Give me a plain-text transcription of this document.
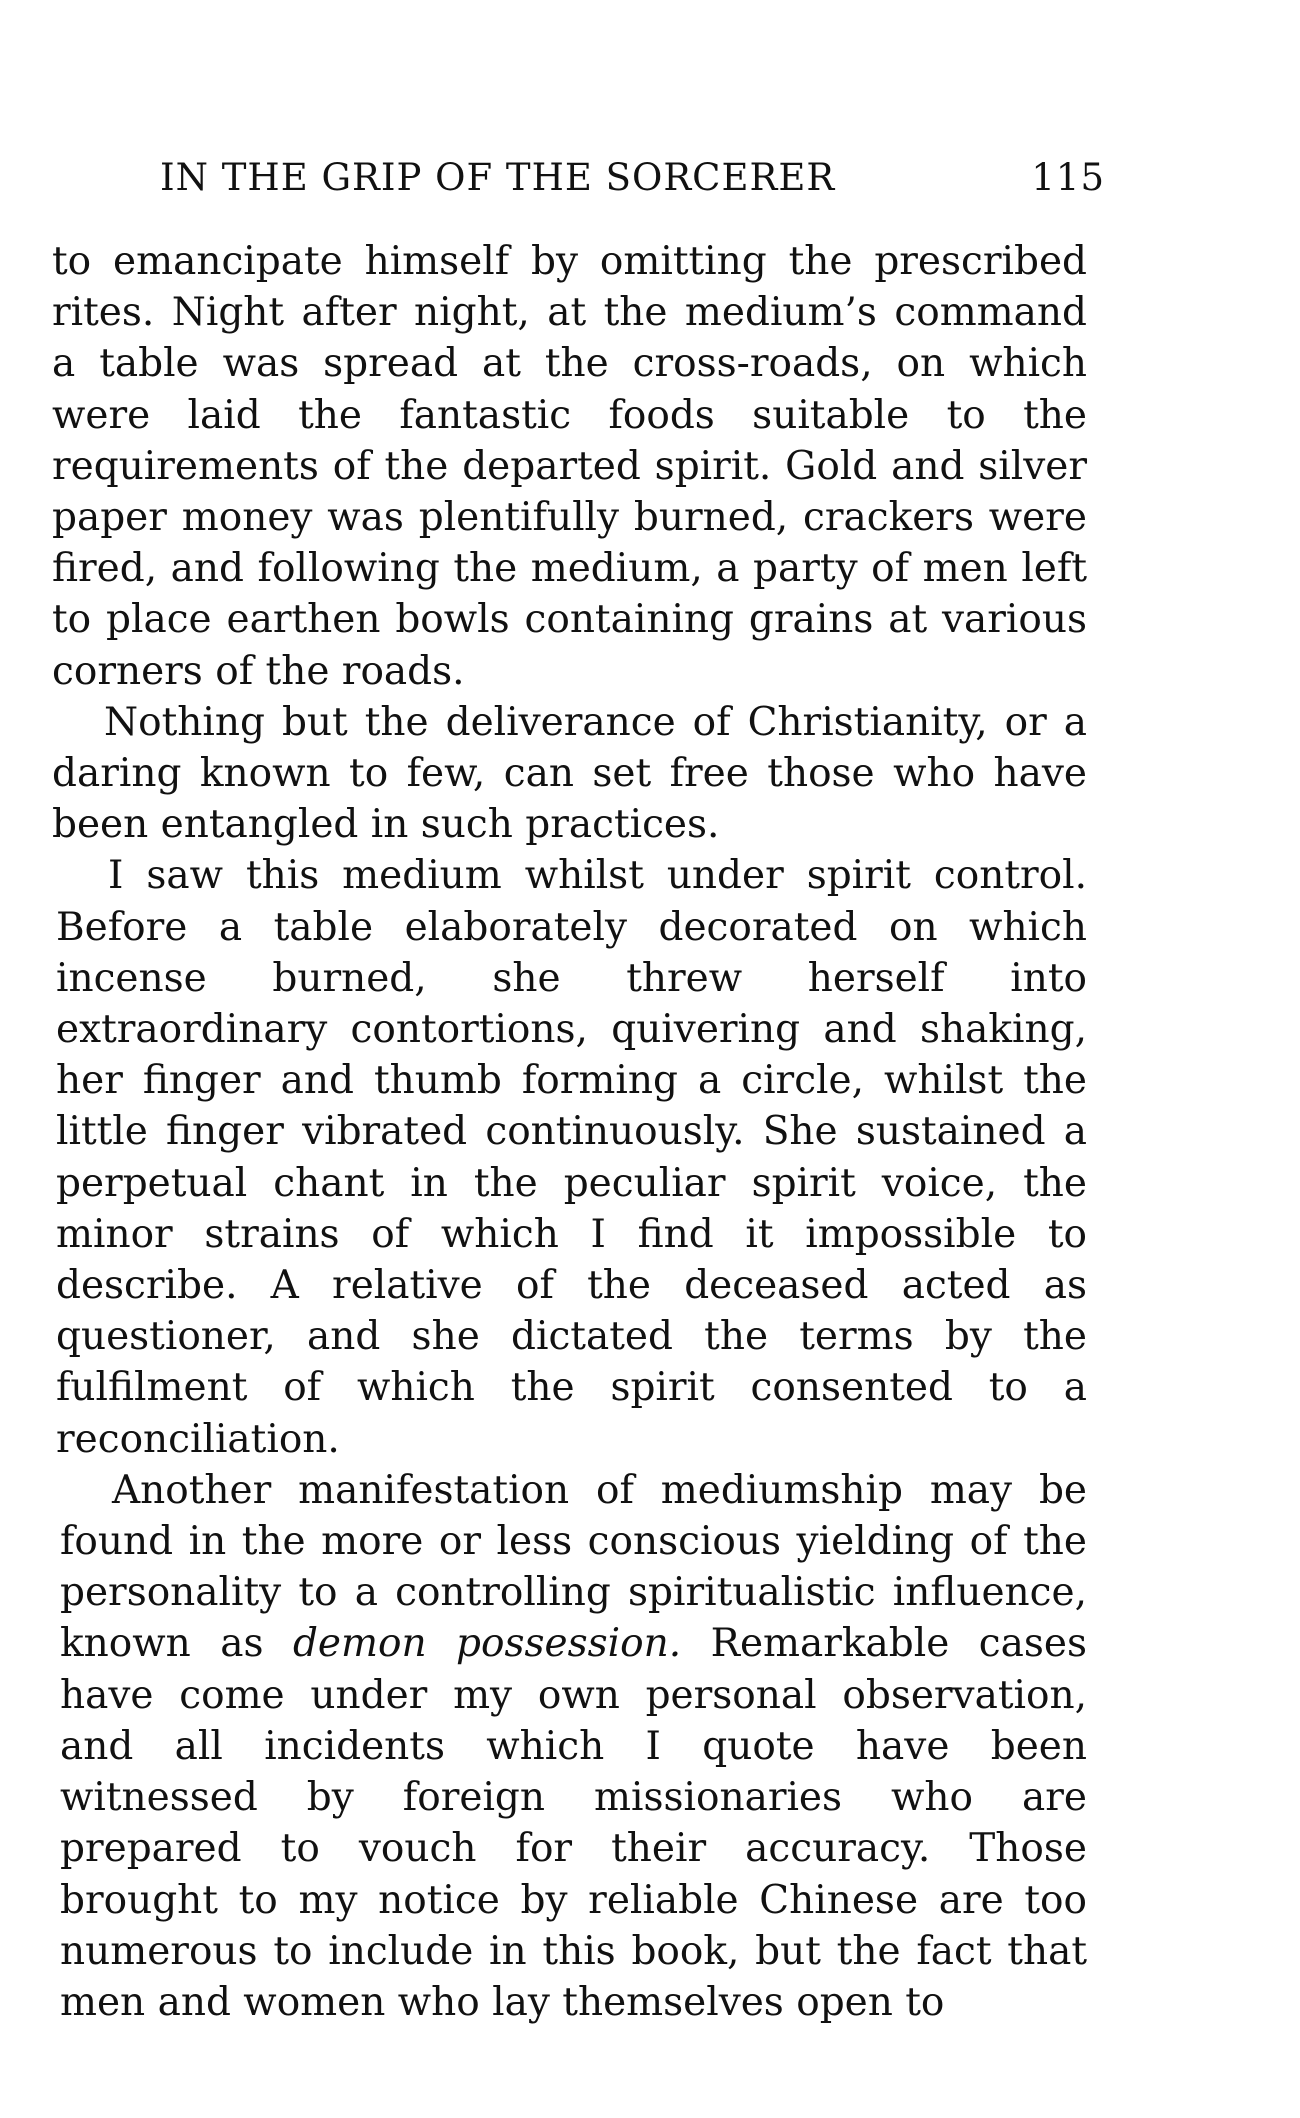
IN THE GRIP OF THE SORCERER	115

to emancipate himself by omitting the prescribed rites. Night after night, at the medium’s command a table was spread at the cross-roads, on which were laid the fantastic foods suitable to the requirements of the departed spirit. Gold and silver paper money was plentifully burned, crackers were fired, and following the medium, a party of men left to place earthen bowls containing grains at various corners of the roads.

Nothing but the deliverance of Christianity, or a daring known to few, can set free those who have been entangled in such practices.

I saw this medium whilst under spirit control. Before a table elaborately decorated on which incense burned, she threw herself into extraordinary contortions, quivering and shaking, her finger and thumb forming a circle, whilst the little finger vibrated continuously. She sustained a perpetual chant in the peculiar spirit voice, the minor strains of which I find it impossible to describe. A relative of the deceased acted as questioner, and she dictated the terms by the fulfilment of which the spirit consented to a reconciliation.

Another manifestation of mediumship may be found in the more or less conscious yielding of the personality to a controlling spiritualistic influence, known as demon possession. Remarkable cases have come under my own personal observation, and all incidents which I quote have been witnessed by foreign missionaries who are prepared to vouch for their accuracy. Those brought to my notice by reliable Chinese are too numerous to include in this book, but the fact that men and women who lay themselves open to
